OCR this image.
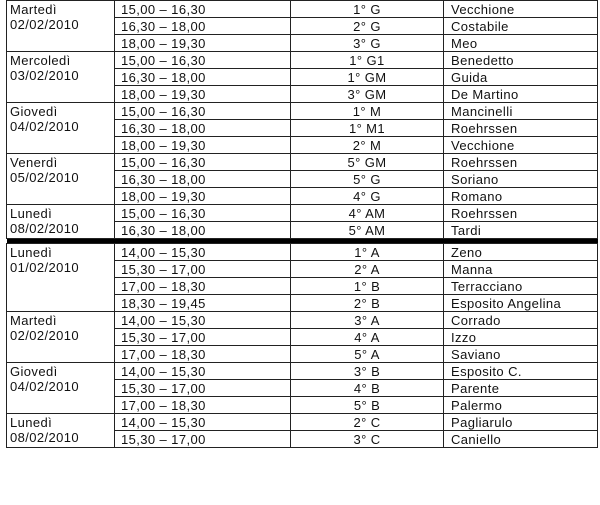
Martedì
02/02/2010	15,00 – 16,30	1° G	Vecchione
	16,30 – 18,00	2° G	Costabile
	18,00 – 19,30	3° G	Meo

Mercoledì
03/02/2010	15,00 – 16,30	1° G1	Benedetto
	16,30 – 18,00	1° GM	Guida
	18,00 – 19,30	3° GM	De Martino

Giovedì
04/02/2010	15,00 – 16,30	1° M	Mancinelli
	16,30 – 18,00	1° M1	Roehrssen
	18,00 – 19,30	2° M	Vecchione

Venerdì
05/02/2010	15,00 – 16,30	5° GM	Roehrssen
	16,30 – 18,00	5° G	Soriano
	18,00 – 19,30	4° G	Romano

Lunedì
08/02/2010	15,00 – 16,30	4° AM	Roehrssen
	16,30 – 18,00	5° AM	Tardi

Lunedì
01/02/2010	14,00 – 15,30	1° A	Zeno
	15,30 – 17,00	2° A	Manna
	17,00 – 18,30	1° B	Terracciano
	18,30 – 19,45	2° B	Esposito Angelina

Martedì
02/02/2010	14,00 – 15,30	3° A	Corrado
	15,30 – 17,00	4° A	Izzo
	17,00 – 18,30	5° A	Saviano

Giovedì
04/02/2010	14,00 – 15,30	3° B	Esposito C.
	15,30 – 17,00	4° B	Parente
	17,00 – 18,30	5° B	Palermo

Lunedì
08/02/2010	14,00 – 15,30	2° C	Pagliarulo
	15,30 – 17,00	3° C	Caniello
